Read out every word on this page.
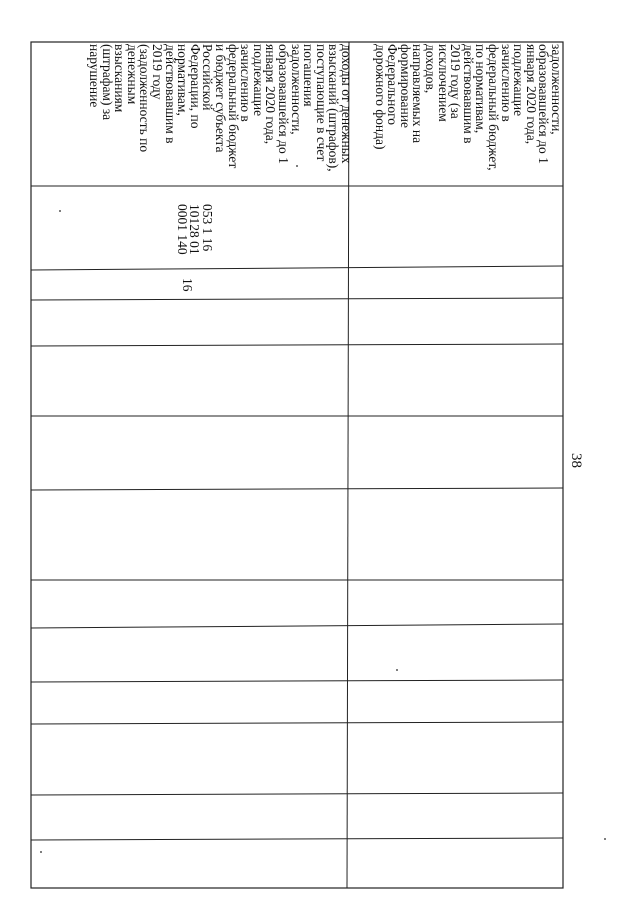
38
задолженности,
образовавшейся до 1
января 2020 года,
подлежащие
зачислению в
федеральный бюджет,
по нормативам,
действовавшим в
2019 году (за
исключением
доходов,
направляемых на
формирование
Федерального
дорожного фонда)
доходы от денежных
взысканий (штрафов),
поступающие в счет
погашения
задолженности,
образовавшейся до 1
января 2020 года,
подлежащие
зачислению в
федеральный бюджет
и бюджет субъекта
Российской
Федерации, по
нормативам,
действовавшим в
2019 году
(задолженность по
денежным
взысканиям
(штрафам) за
нарушение
053 1 16
10128 01
0001 140
16
